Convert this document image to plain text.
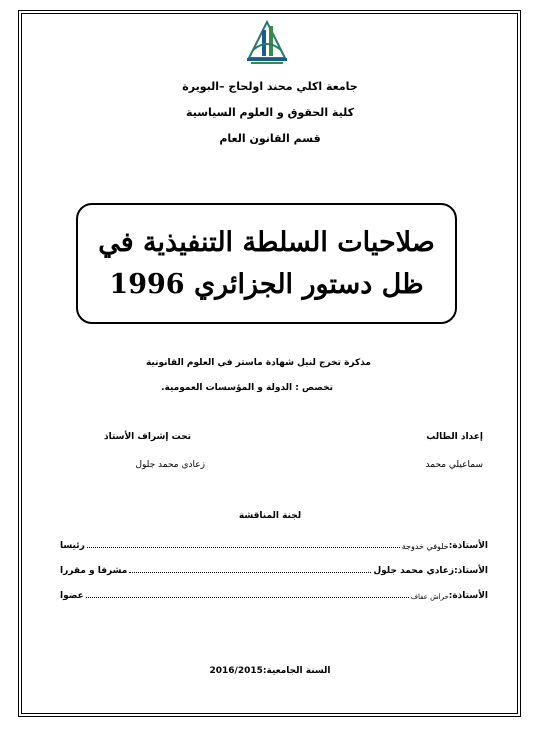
جامعة اكلي محند اولحاج –البويرة
كلية الحقوق و العلوم السياسية
قسم القانون العام
صلاحيات السلطة التنفيذية في
ظل دستور الجزائري 1996
مذكرة تخرج لنيل شهادة ماستر في العلوم القانونية
تخصص : الدولة و المؤسسات العمومية.
إعداد الطالب
تحت إشراف الأستاذ
سماعيلي محمد
زعادي محمد جلول
لجنة المناقشة
الأستاذة:
خلوفي خدوجة
رئيسا
الأستاذ:
زعادي محمد جلول
مشرفا و مقررا
الأستاذة:
حراش عفاف
عضوا
السنة الجامعية:2016/2015
